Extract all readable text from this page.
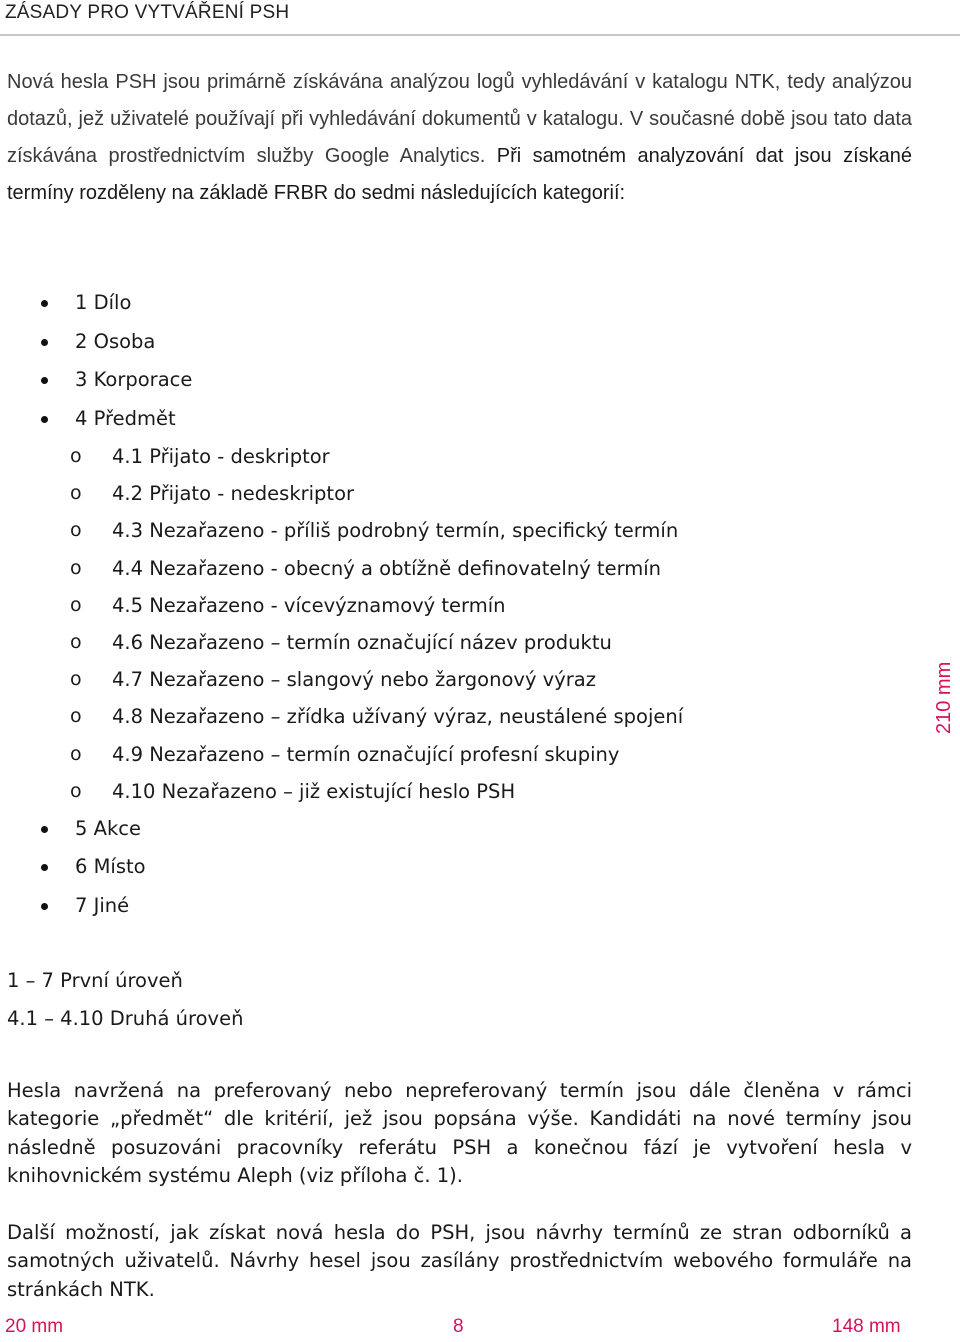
ZÁSADY PRO VYTVÁŘENÍ PSH

Nová hesla PSH jsou primárně získávána analýzou logů vyhledávání v katalogu NTK, tedy analýzou dotazů, jež uživatelé používají při vyhledávání dokumentů v katalogu. V současné době jsou tato data získávána prostřednictvím služby Google Analytics. Při samotném analyzování dat jsou získané termíny rozděleny na základě FRBR do sedmi následujících kategorií:

1 Dílo
2 Osoba
3 Korporace
4 Předmět
o 4.1 Přijato - deskriptor
o 4.2 Přijato - nedeskriptor
o 4.3 Nezařazeno - příliš podrobný termín, specifický termín
o 4.4 Nezařazeno - obecný a obtížně definovatelný termín
o 4.5 Nezařazeno - vícevýznamový termín
o 4.6 Nezařazeno – termín označující název produktu
o 4.7 Nezařazeno – slangový nebo žargonový výraz
o 4.8 Nezařazeno – zřídka užívaný výraz, neustálené spojení
o 4.9 Nezařazeno – termín označující profesní skupiny
o 4.10 Nezařazeno – již existující heslo PSH
5 Akce
6 Místo
7 Jiné
1 – 7 První úroveň
4.1 – 4.10 Druhá úroveň

Hesla navržená na preferovaný nebo nepreferovaný termín jsou dále členěna v rámci kategorie „předmět“ dle kritérií, jež jsou popsána výše. Kandidáti na nové termíny jsou následně posuzováni pracovníky referátu PSH a konečnou fází je vytvoření hesla v knihovnickém systému Aleph (viz příloha č. 1).

Další možností, jak získat nová hesla do PSH, jsou návrhy termínů ze stran odborníků a samotných uživatelů. Návrhy hesel jsou zasílány prostřednictvím webového formuláře na stránkách NTK.

210 mm
20 mm	8	148 mm
